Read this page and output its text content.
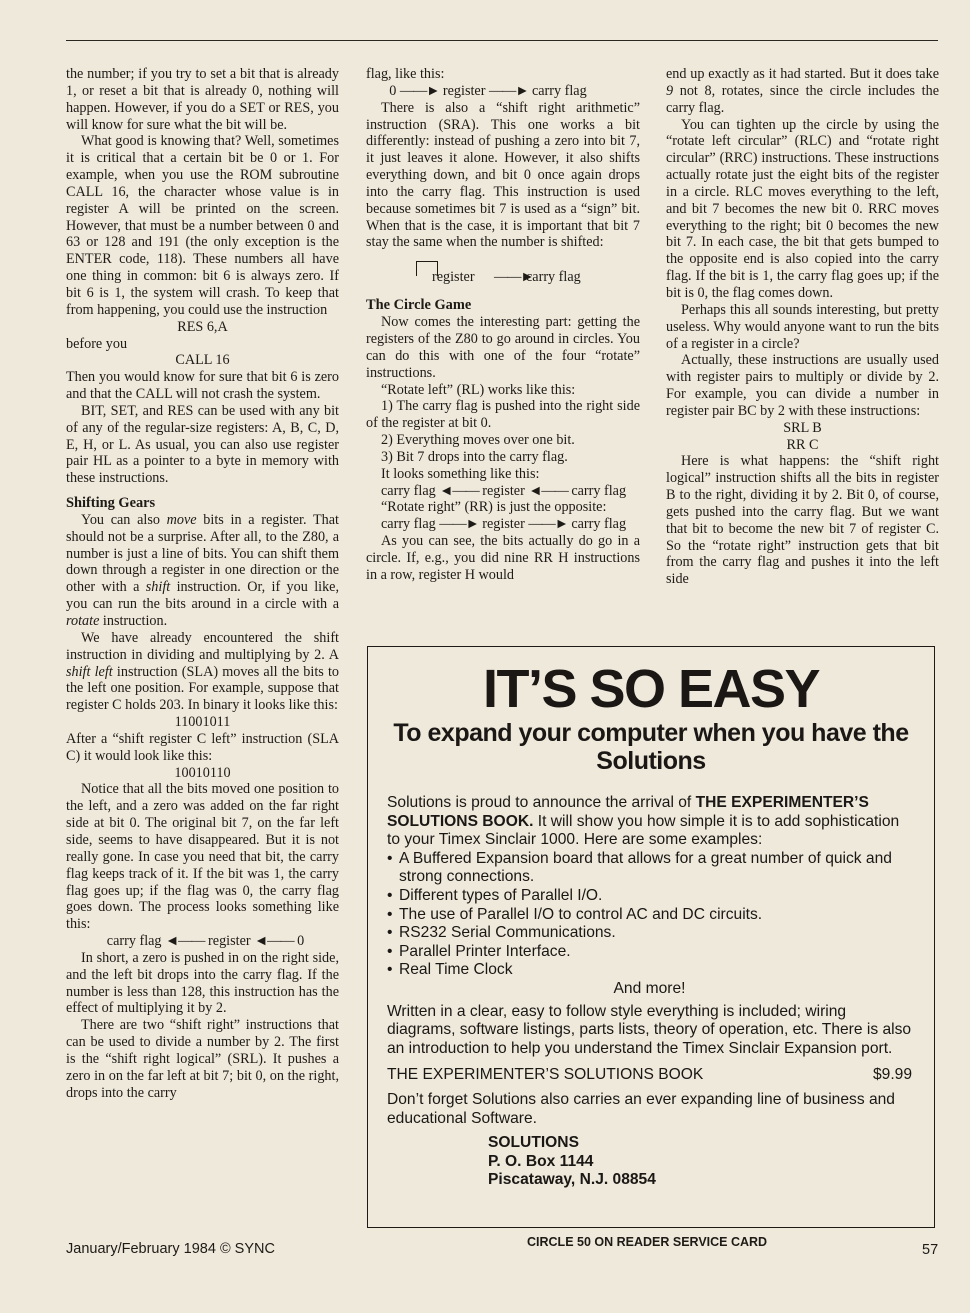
the number; if you try to set a bit that is already 1, or reset a bit that is already 0, nothing will happen. However, if you do a SET or RES, you will know for sure what the bit will be.

What good is knowing that? Well, sometimes it is critical that a certain bit be 0 or 1. For example, when you use the ROM subroutine CALL 16, the character whose value is in register A will be printed on the screen. However, that must be a number between 0 and 63 or 128 and 191 (the only exception is the ENTER code, 118). These numbers all have one thing in common: bit 6 is always zero. If bit 6 is 1, the system will crash. To keep that from happening, you could use the instruction

RES 6,A

before you

CALL 16

Then you would know for sure that bit 6 is zero and that the CALL will not crash the system.

BIT, SET, and RES can be used with any bit of any of the regular-size registers: A, B, C, D, E, H, or L. As usual, you can also use register pair HL as a pointer to a byte in memory with these instructions.

Shifting Gears

You can also move bits in a register. That should not be a surprise. After all, to the Z80, a number is just a line of bits. You can shift them down through a register in one direction or the other with a shift instruction. Or, if you like, you can run the bits around in a circle with a rotate instruction.

We have already encountered the shift instruction in dividing and multiplying by 2. A shift left instruction (SLA) moves all the bits to the left one position. For example, suppose that register C holds 203. In binary it looks like this:

11001011

After a “shift register C left” instruction (SLA C) it would look like this:

10010110

Notice that all the bits moved one position to the left, and a zero was added on the far right side at bit 0. The original bit 7, on the far left side, seems to have disappeared. But it is not really gone. In case you need that bit, the carry flag keeps track of it. If the bit was 1, the carry flag goes up; if the flag was 0, the carry flag goes down. The process looks something like this:

carry flag ◄—— register ◄—— 0

In short, a zero is pushed in on the right side, and the left bit drops into the carry flag. If the number is less than 128, this instruction has the effect of multiplying it by 2.

There are two “shift right” instructions that can be used to divide a number by 2. The first is the “shift right logical” (SRL). It pushes a zero in on the far left at bit 7; bit 0, on the right, drops into the carry

flag, like this:

0 ——► register ——► carry flag

There is also a “shift right arithmetic” instruction (SRA). This one works a bit differently: instead of pushing a zero into bit 7, it just leaves it alone. However, it also shifts everything down, and bit 0 once again drops into the carry flag. This instruction is used because sometimes bit 7 is used as a “sign” bit. When that is the case, it is important that bit 7 stay the same when the number is shifted:

register ——►
carry flag
The Circle Game

Now comes the interesting part: getting the registers of the Z80 to go around in circles. You can do this with one of the four “rotate” instructions.

“Rotate left” (RL) works like this:

1) The carry flag is pushed into the right side of the register at bit 0.

2) Everything moves over one bit.

3) Bit 7 drops into the carry flag.

It looks something like this:

carry flag ◄—— register ◄—— carry flag

“Rotate right” (RR) is just the opposite:

carry flag ——► register ——► carry flag

As you can see, the bits actually do go in a circle. If, e.g., you did nine RR H instructions in a row, register H would

end up exactly as it had started. But it does take 9 not 8, rotates, since the circle includes the carry flag.

You can tighten up the circle by using the “rotate left circular” (RLC) and “rotate right circular” (RRC) instructions. These instructions actually rotate just the eight bits of the register in a circle. RLC moves everything to the left, and bit 7 becomes the new bit 0. RRC moves everything to the right; bit 0 becomes the new bit 7. In each case, the bit that gets bumped to the opposite end is also copied into the carry flag. If the bit is 1, the carry flag goes up; if the bit is 0, the flag comes down.

Perhaps this all sounds interesting, but pretty useless. Why would anyone want to run the bits of a register in a circle?

Actually, these instructions are usually used with register pairs to multiply or divide by 2. For example, you can divide a number in register pair BC by 2 with these instructions:

SRL B

RR C

Here is what happens: the “shift right logical” instruction shifts all the bits in register B to the right, dividing it by 2. Bit 0, of course, gets pushed into the carry flag. But we want that bit to become the new bit 7 of register C. So the “rotate right” instruction gets that bit from the carry flag and pushes it into the left side

IT’S SO EASY
To expand your computer when you have the Solutions

Solutions is proud to announce the arrival of THE EXPERIMENTER’S SOLUTIONS BOOK. It will show you how simple it is to add sophistication to your Timex Sinclair 1000. Here are some examples:

• A Buffered Expansion board that allows for a great number of quick and strong connections.
• Different types of Parallel I/O.
• The use of Parallel I/O to control AC and DC circuits.
• RS232 Serial Communications.
• Parallel Printer Interface.
• Real Time Clock

And more!

Written in a clear, easy to follow style everything is included; wiring diagrams, software listings, parts lists, theory of operation, etc. There is also an introduction to help you understand the Timex Sinclair Expansion port.

THE EXPERIMENTER’S SOLUTIONS BOOK	$9.99

Don’t forget Solutions also carries an ever expanding line of business and educational Software.

SOLUTIONS
P. O. Box 1144
Piscataway, N.J. 08854
January/February 1984 © SYNC	CIRCLE 50 ON READER SERVICE CARD	57
